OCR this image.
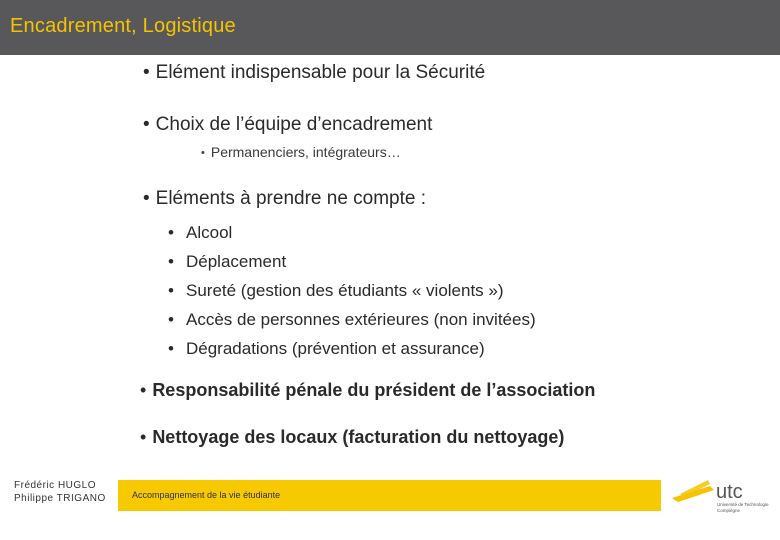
Encadrement, Logistique
• Elément indispensable pour la Sécurité
• Choix de l’équipe d’encadrement
• Permanenciers, intégrateurs…
• Eléments à prendre ne compte :
• Alcool
• Déplacement
• Sureté (gestion des étudiants « violents »)
• Accès de personnes extérieures (non invitées)
• Dégradations (prévention et assurance)
• Responsabilité pénale du président de l’association
• Nettoyage des locaux (facturation du nettoyage)
Frédéric HUGLO
Philippe TRIGANO	Accompagnement de la vie étudiante	utc
Université de Technologie
Compiègne
